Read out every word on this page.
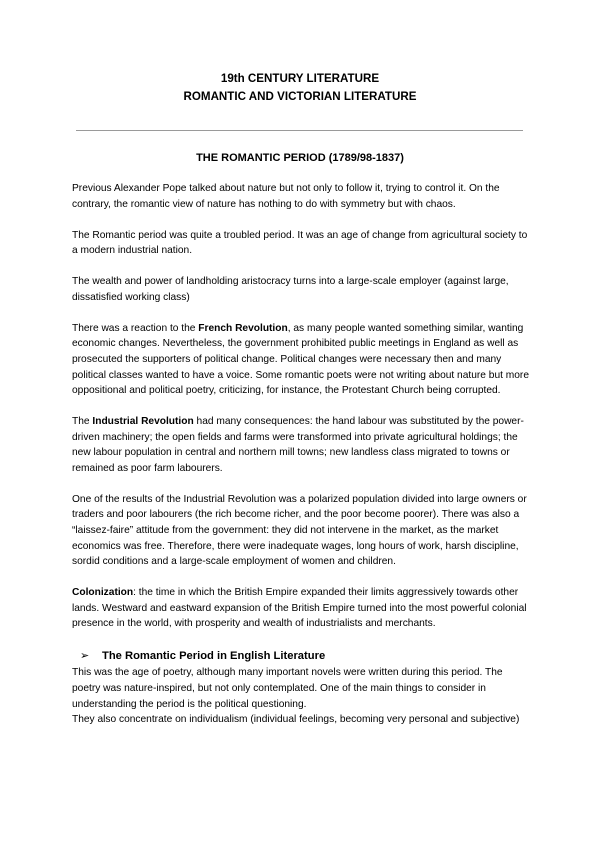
19th CENTURY LITERATURE
ROMANTIC AND VICTORIAN LITERATURE
THE ROMANTIC PERIOD (1789/98-1837)

Previous Alexander Pope talked about nature but not only to follow it, trying to control it. On the contrary, the romantic view of nature has nothing to do with symmetry but with chaos.

The Romantic period was quite a troubled period. It was an age of change from agricultural society to a modern industrial nation.

The wealth and power of landholding aristocracy turns into a large-scale employer (against large, dissatisfied working class)

There was a reaction to the French Revolution, as many people wanted something similar, wanting economic changes. Nevertheless, the government prohibited public meetings in England as well as prosecuted the supporters of political change. Political changes were necessary then and many political classes wanted to have a voice. Some romantic poets were not writing about nature but more oppositional and political poetry, criticizing, for instance, the Protestant Church being corrupted.

The Industrial Revolution had many consequences: the hand labour was substituted by the power-driven machinery; the open fields and farms were transformed into private agricultural holdings; the new labour population in central and northern mill towns; new landless class migrated to towns or remained as poor farm labourers.

One of the results of the Industrial Revolution was a polarized population divided into large owners or traders and poor labourers (the rich become richer, and the poor become poorer). There was also a “laissez-faire” attitude from the government: they did not intervene in the market, as the market economics was free. Therefore, there were inadequate wages, long hours of work, harsh discipline, sordid conditions and a large-scale employment of women and children.

Colonization: the time in which the British Empire expanded their limits aggressively towards other lands. Westward and eastward expansion of the British Empire turned into the most powerful colonial presence in the world, with prosperity and wealth of industrialists and merchants.

➢ The Romantic Period in English Literature

This was the age of poetry, although many important novels were written during this period. The poetry was nature-inspired, but not only contemplated. One of the main things to consider in understanding the period is the political questioning.

They also concentrate on individualism (individual feelings, becoming very personal and subjective)
